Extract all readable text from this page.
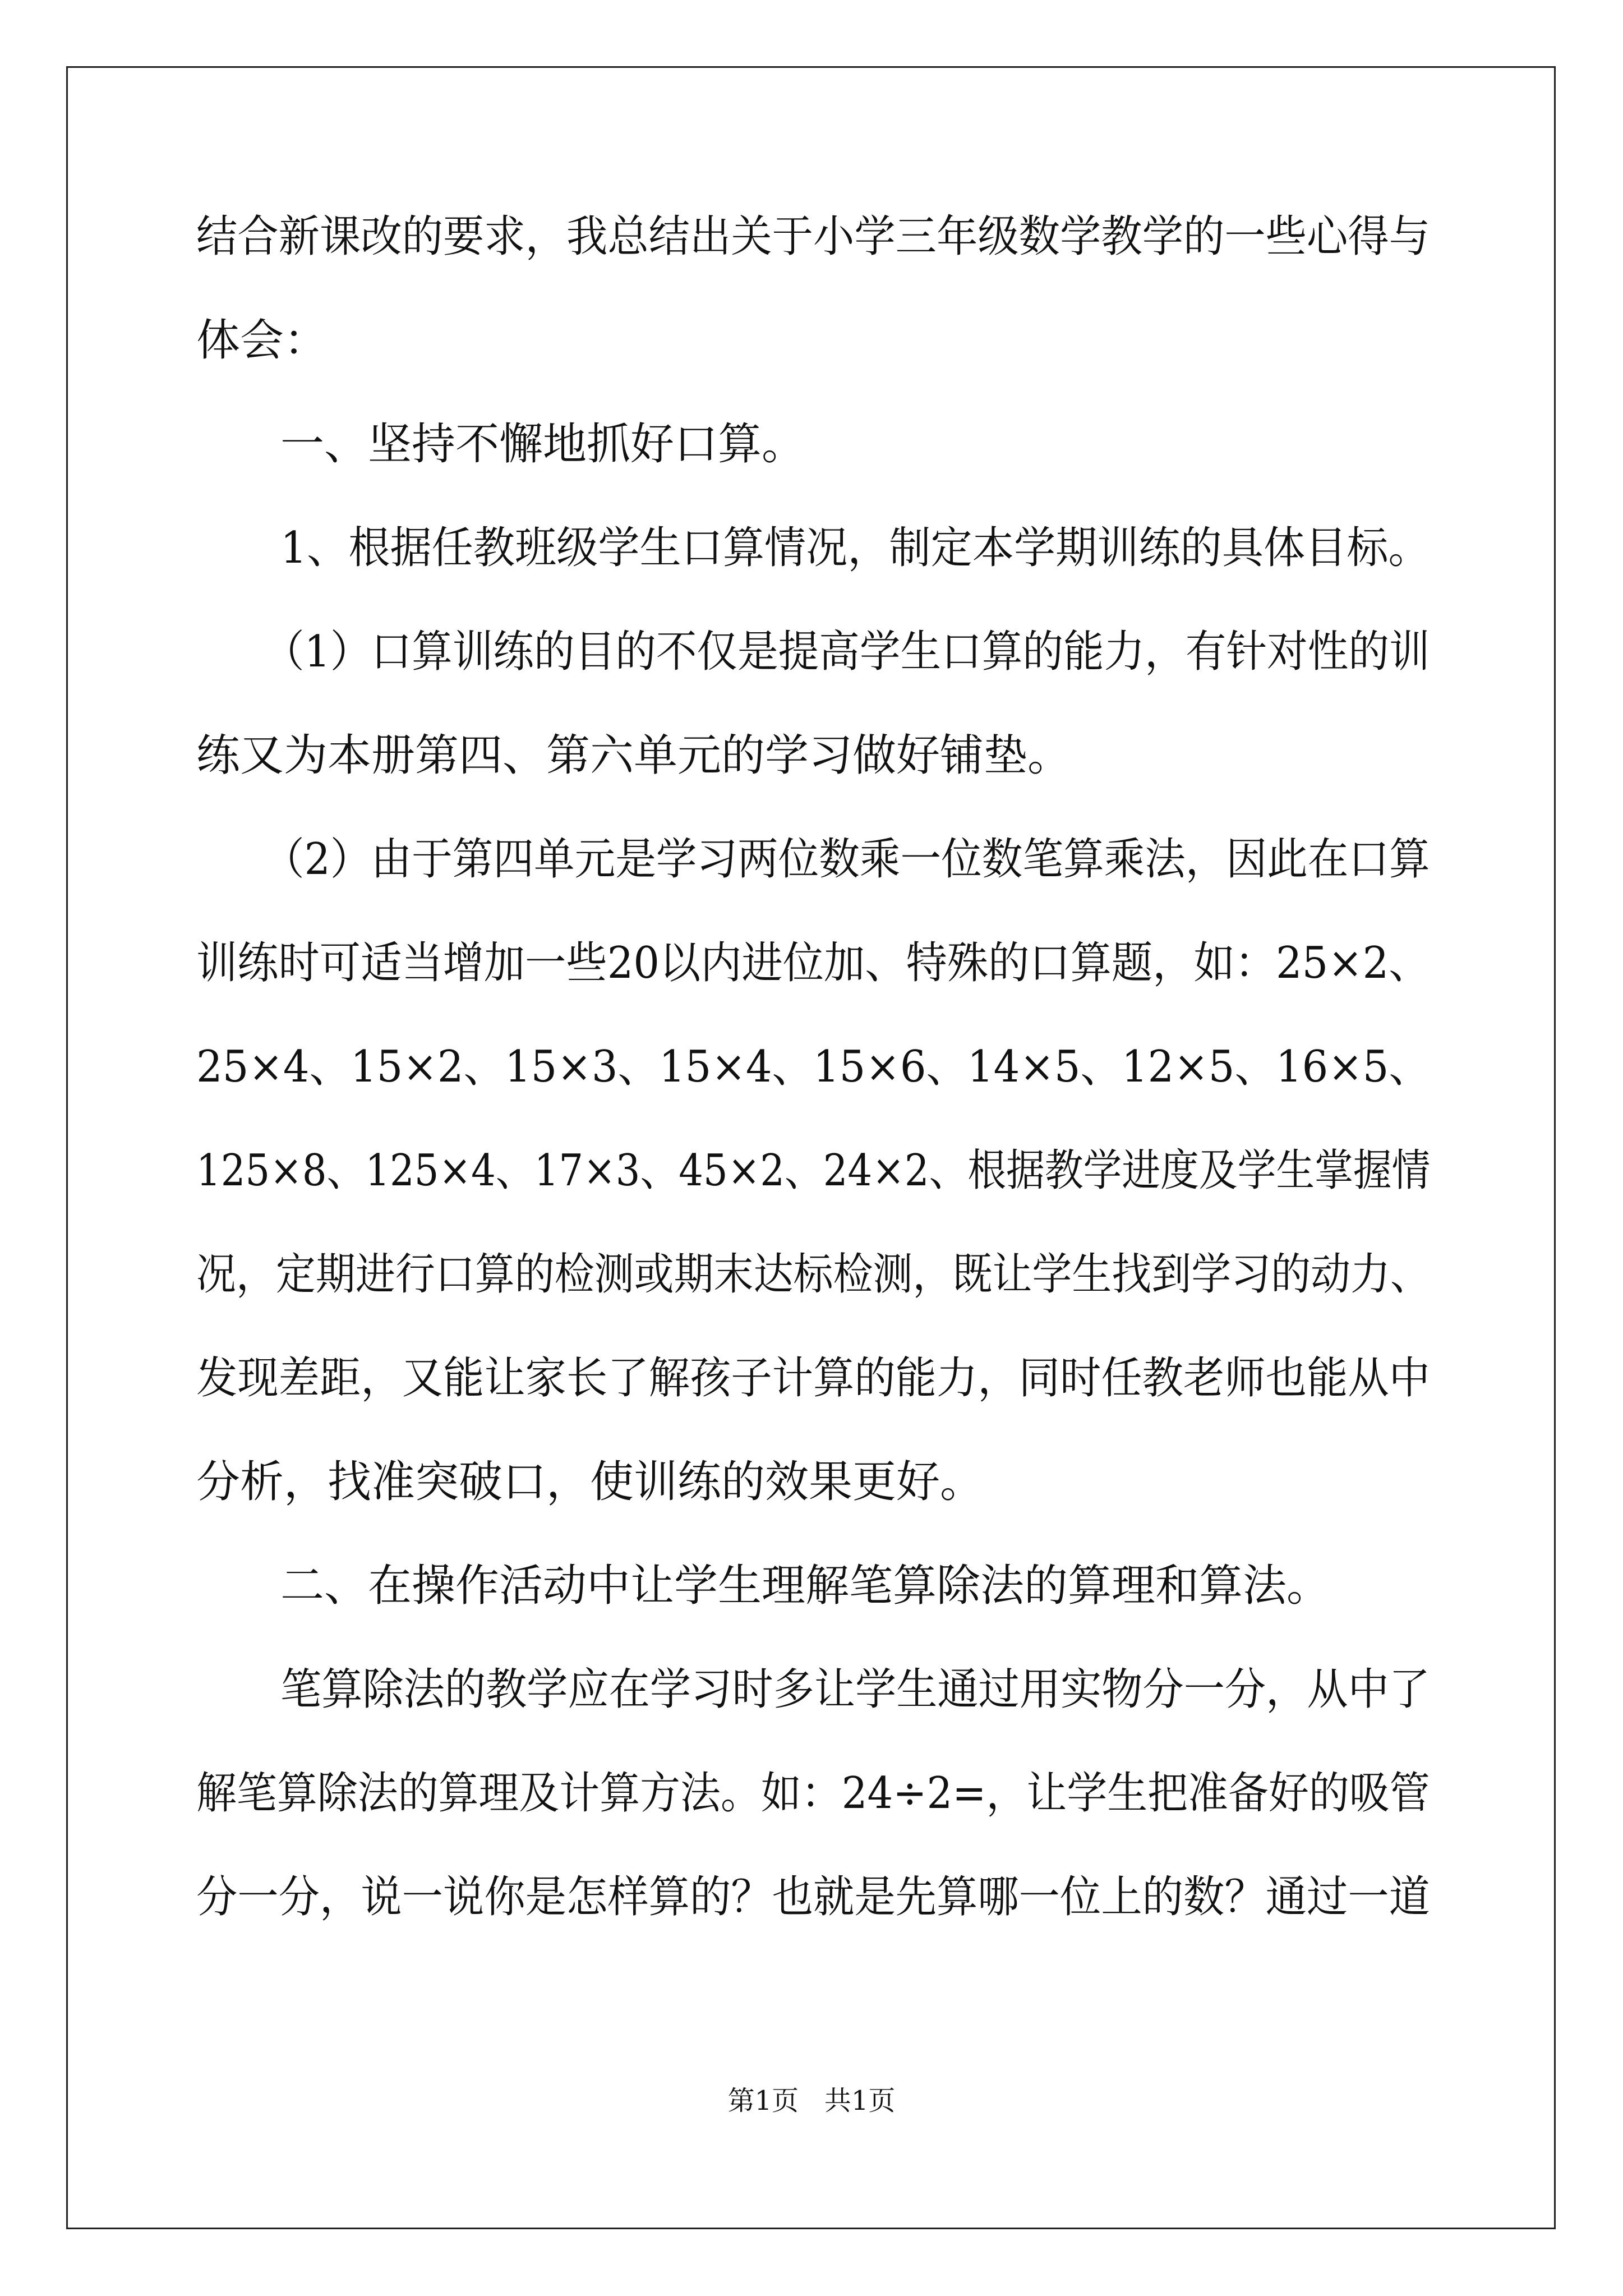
结合新课改的要求，我总结出关于小学三年级数学教学的一些心得与
体会：
一、坚持不懈地抓好口算。
1、根据任教班级学生口算情况，制定本学期训练的具体目标。
（1）口算训练的目的不仅是提高学生口算的能力，有针对性的训
练又为本册第四、第六单元的学习做好铺垫。
（2）由于第四单元是学习两位数乘一位数笔算乘法，因此在口算
训练时可适当增加一些20以内进位加、特殊的口算题，如：25×2、
25×4、15×2、15×3、15×4、15×6、14×5、12×5、16×5、
125×8、125×4、17×3、45×2、24×2、根据教学进度及学生掌握情
况，定期进行口算的检测或期末达标检测，既让学生找到学习的动力、
发现差距，又能让家长了解孩子计算的能力，同时任教老师也能从中
分析，找准突破口，使训练的效果更好。
二、在操作活动中让学生理解笔算除法的算理和算法。
笔算除法的教学应在学习时多让学生通过用实物分一分，从中了
解笔算除法的算理及计算方法。如：24÷2=，让学生把准备好的吸管
分一分，说一说你是怎样算的？也就是先算哪一位上的数？通过一道
第1页   共1页
